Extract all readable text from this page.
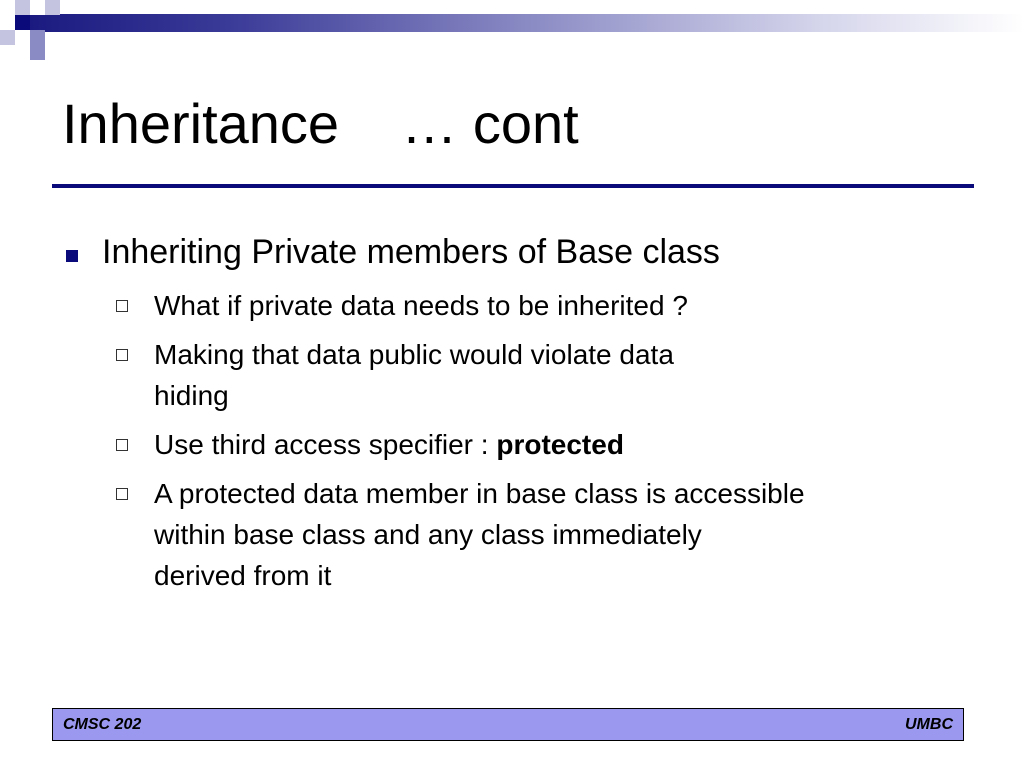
Inheritance    … cont
Inheriting Private members of Base class
What if private data needs to be inherited ?
Making that data public would violate data
hiding
Use third access specifier : protected
A protected data member in base class is accessible
within base class and any class immediately
derived from it
CMSC 202	UMBC
